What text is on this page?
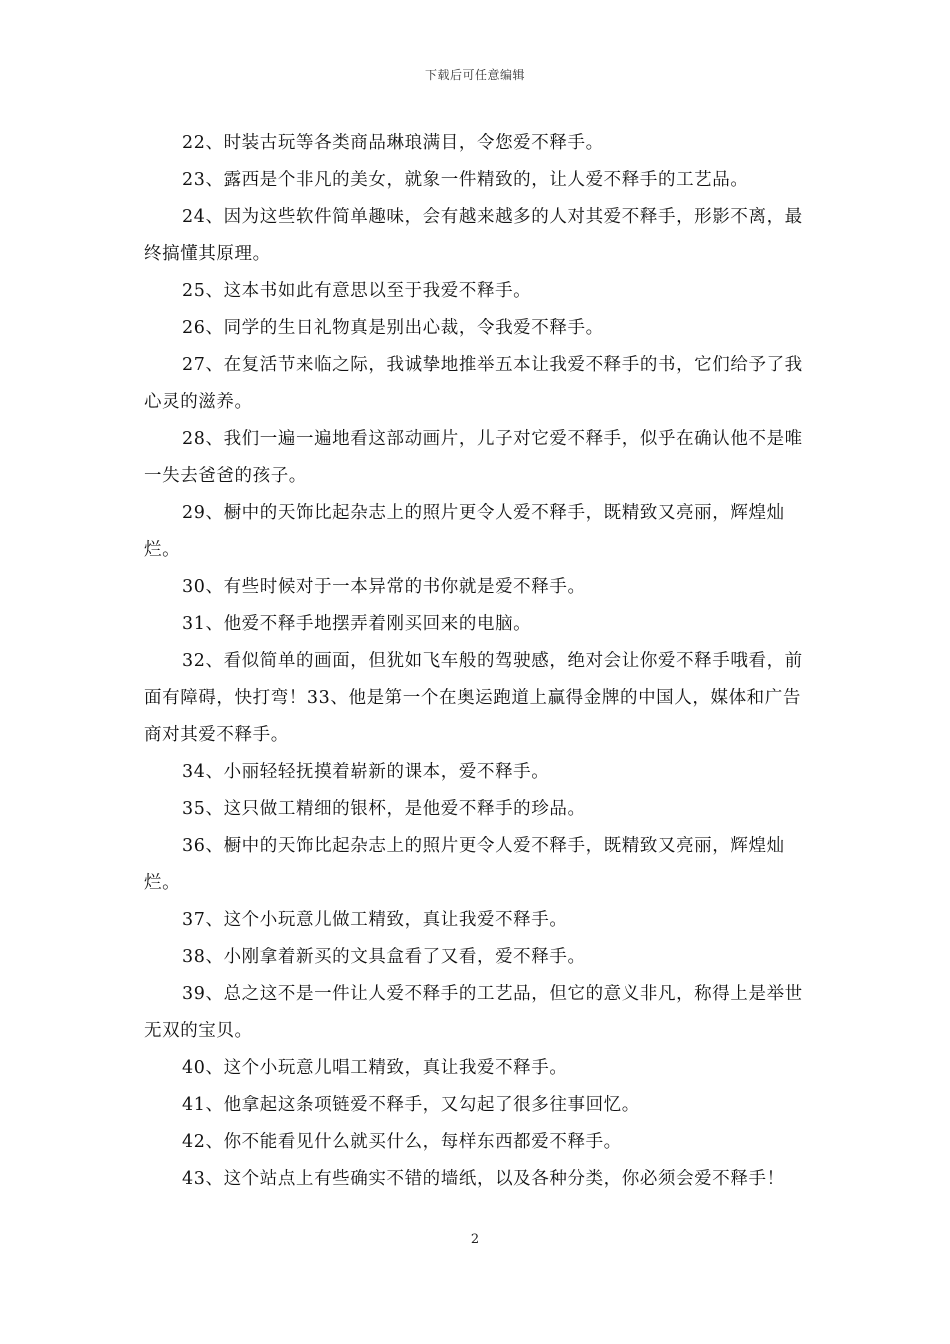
下载后可任意编辑

22、时装古玩等各类商品琳琅满目，令您爱不释手。

23、露西是个非凡的美女，就象一件精致的，让人爱不释手的工艺品。

24、因为这些软件简单趣味，会有越来越多的人对其爱不释手，形影不离，最终搞懂其原理。

25、这本书如此有意思以至于我爱不释手。

26、同学的生日礼物真是别出心裁，令我爱不释手。

27、在复活节来临之际，我诚挚地推举五本让我爱不释手的书，它们给予了我心灵的滋养。

28、我们一遍一遍地看这部动画片，儿子对它爱不释手，似乎在确认他不是唯一失去爸爸的孩子。

29、橱中的天饰比起杂志上的照片更令人爱不释手，既精致又亮丽，辉煌灿烂。

30、有些时候对于一本异常的书你就是爱不释手。

31、他爱不释手地摆弄着刚买回来的电脑。

32、看似简单的画面，但犹如飞车般的驾驶感，绝对会让你爱不释手哦看，前面有障碍，快打弯！33、他是第一个在奥运跑道上赢得金牌的中国人，媒体和广告商对其爱不释手。

34、小丽轻轻抚摸着崭新的课本，爱不释手。

35、这只做工精细的银杯，是他爱不释手的珍品。

36、橱中的天饰比起杂志上的照片更令人爱不释手，既精致又亮丽，辉煌灿烂。

37、这个小玩意儿做工精致，真让我爱不释手。

38、小刚拿着新买的文具盒看了又看，爱不释手。

39、总之这不是一件让人爱不释手的工艺品，但它的意义非凡，称得上是举世无双的宝贝。

40、这个小玩意儿唱工精致，真让我爱不释手。

41、他拿起这条项链爱不释手，又勾起了很多往事回忆。

42、你不能看见什么就买什么，每样东西都爱不释手。

43、这个站点上有些确实不错的墙纸，以及各种分类，你必须会爱不释手！

2
